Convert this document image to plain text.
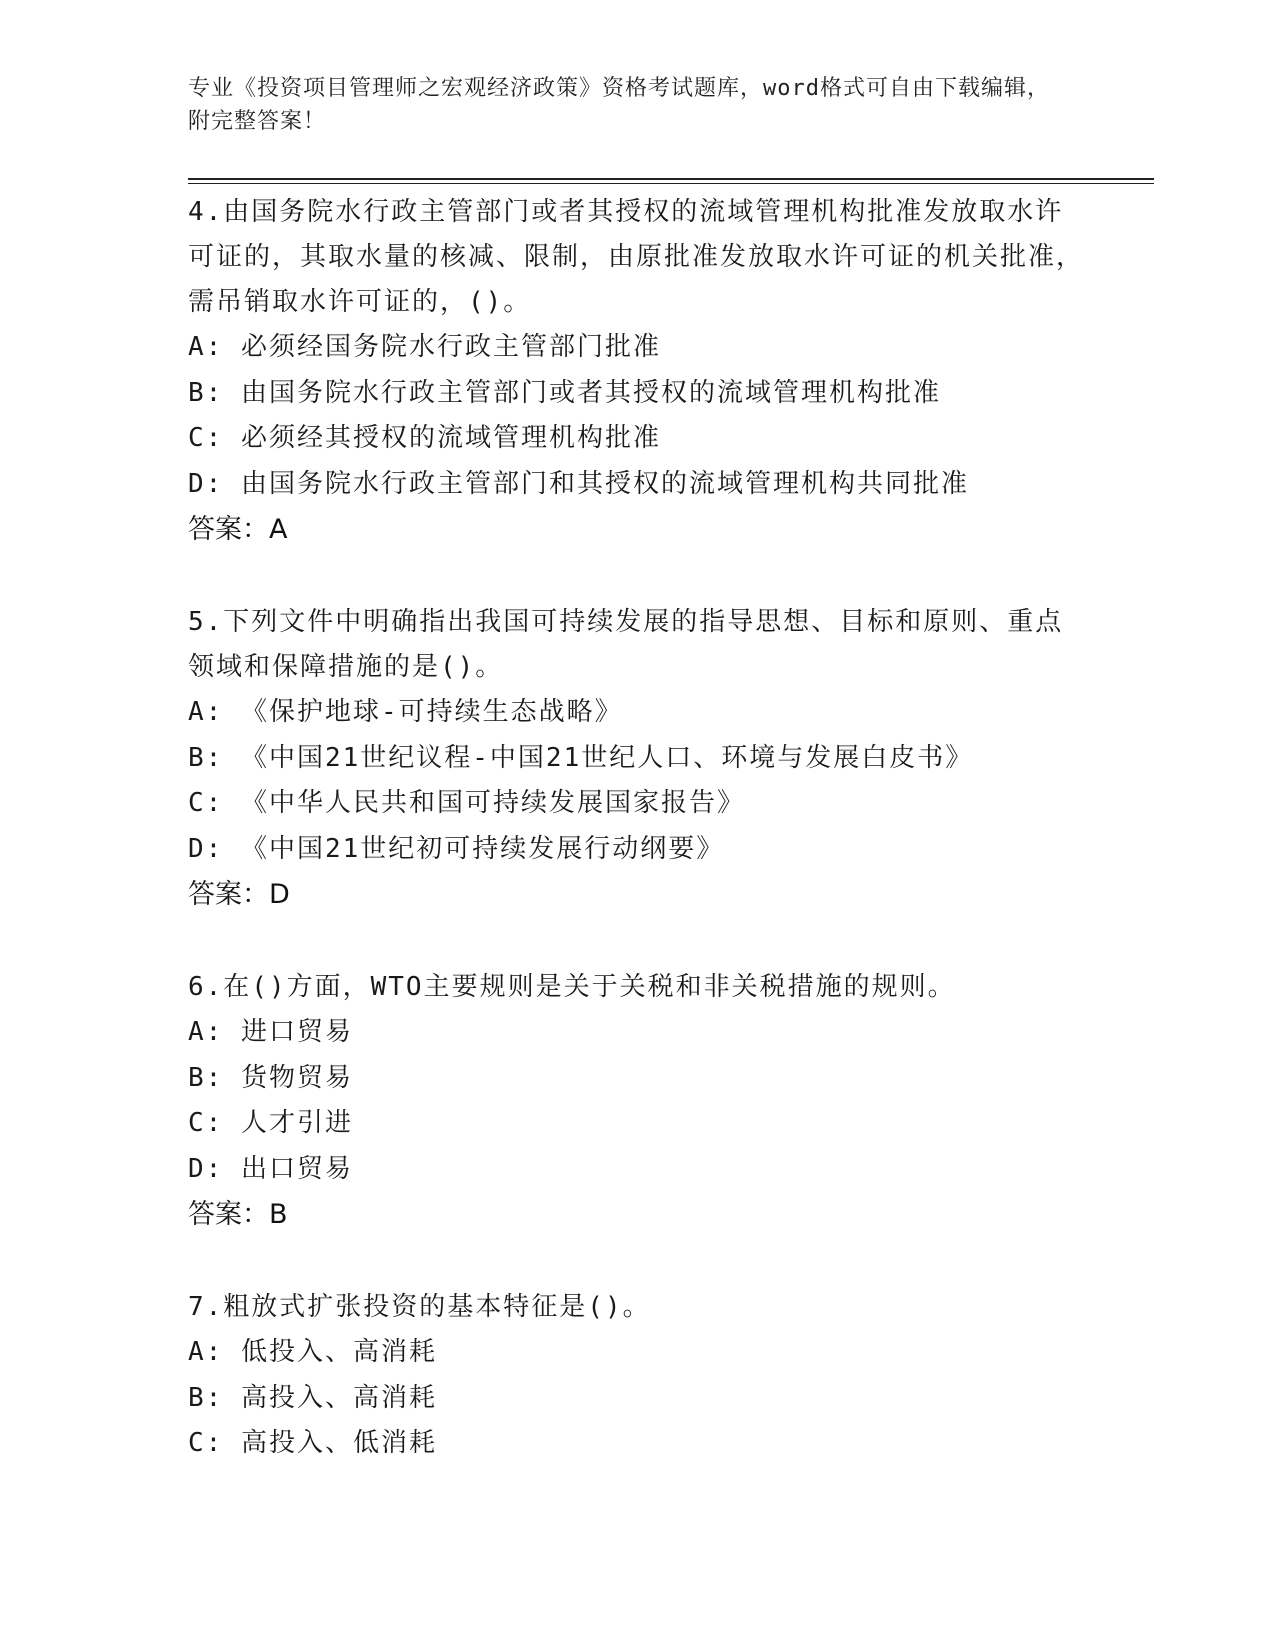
专业《投资项目管理师之宏观经济政策》资格考试题库，word格式可自由下载编辑，附完整答案！

4.由国务院水行政主管部门或者其授权的流域管理机构批准发放取水许可证的，其取水量的核减、限制，由原批准发放取水许可证的机关批准，需吊销取水许可证的，()。

A: 必须经国务院水行政主管部门批准

B: 由国务院水行政主管部门或者其授权的流域管理机构批准

C: 必须经其授权的流域管理机构批准

D: 由国务院水行政主管部门和其授权的流域管理机构共同批准

答案：A

5.下列文件中明确指出我国可持续发展的指导思想、目标和原则、重点领域和保障措施的是()。

A: 《保护地球-可持续生态战略》

B: 《中国21世纪议程-中国21世纪人口、环境与发展白皮书》

C: 《中华人民共和国可持续发展国家报告》

D: 《中国21世纪初可持续发展行动纲要》

答案：D

6.在()方面，WTO主要规则是关于关税和非关税措施的规则。

A: 进口贸易

B: 货物贸易

C: 人才引进

D: 出口贸易

答案：B

7.粗放式扩张投资的基本特征是()。

A: 低投入、高消耗

B: 高投入、高消耗

C: 高投入、低消耗
